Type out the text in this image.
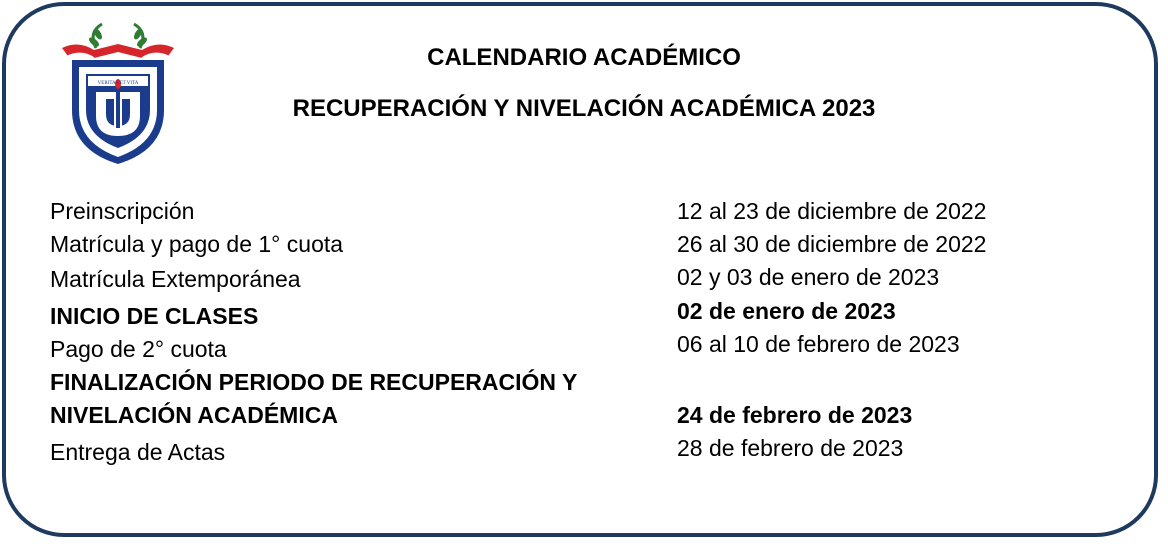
VERITAS ET VITA
CALENDARIO ACADÉMICO
RECUPERACIÓN Y NIVELACIÓN ACADÉMICA 2023
Preinscripción	12 al 23 de diciembre de 2022
Matrícula y pago de 1° cuota	26 al 30 de diciembre de 2022
Matrícula Extemporánea	02 y 03 de enero de 2023
INICIO DE CLASES	02 de enero de 2023
Pago de 2° cuota	06 al 10 de febrero de 2023
FINALIZACIÓN PERIODO DE RECUPERACIÓN Y
NIVELACIÓN ACADÉMICA	24 de febrero de 2023
Entrega de Actas	28 de febrero de 2023
